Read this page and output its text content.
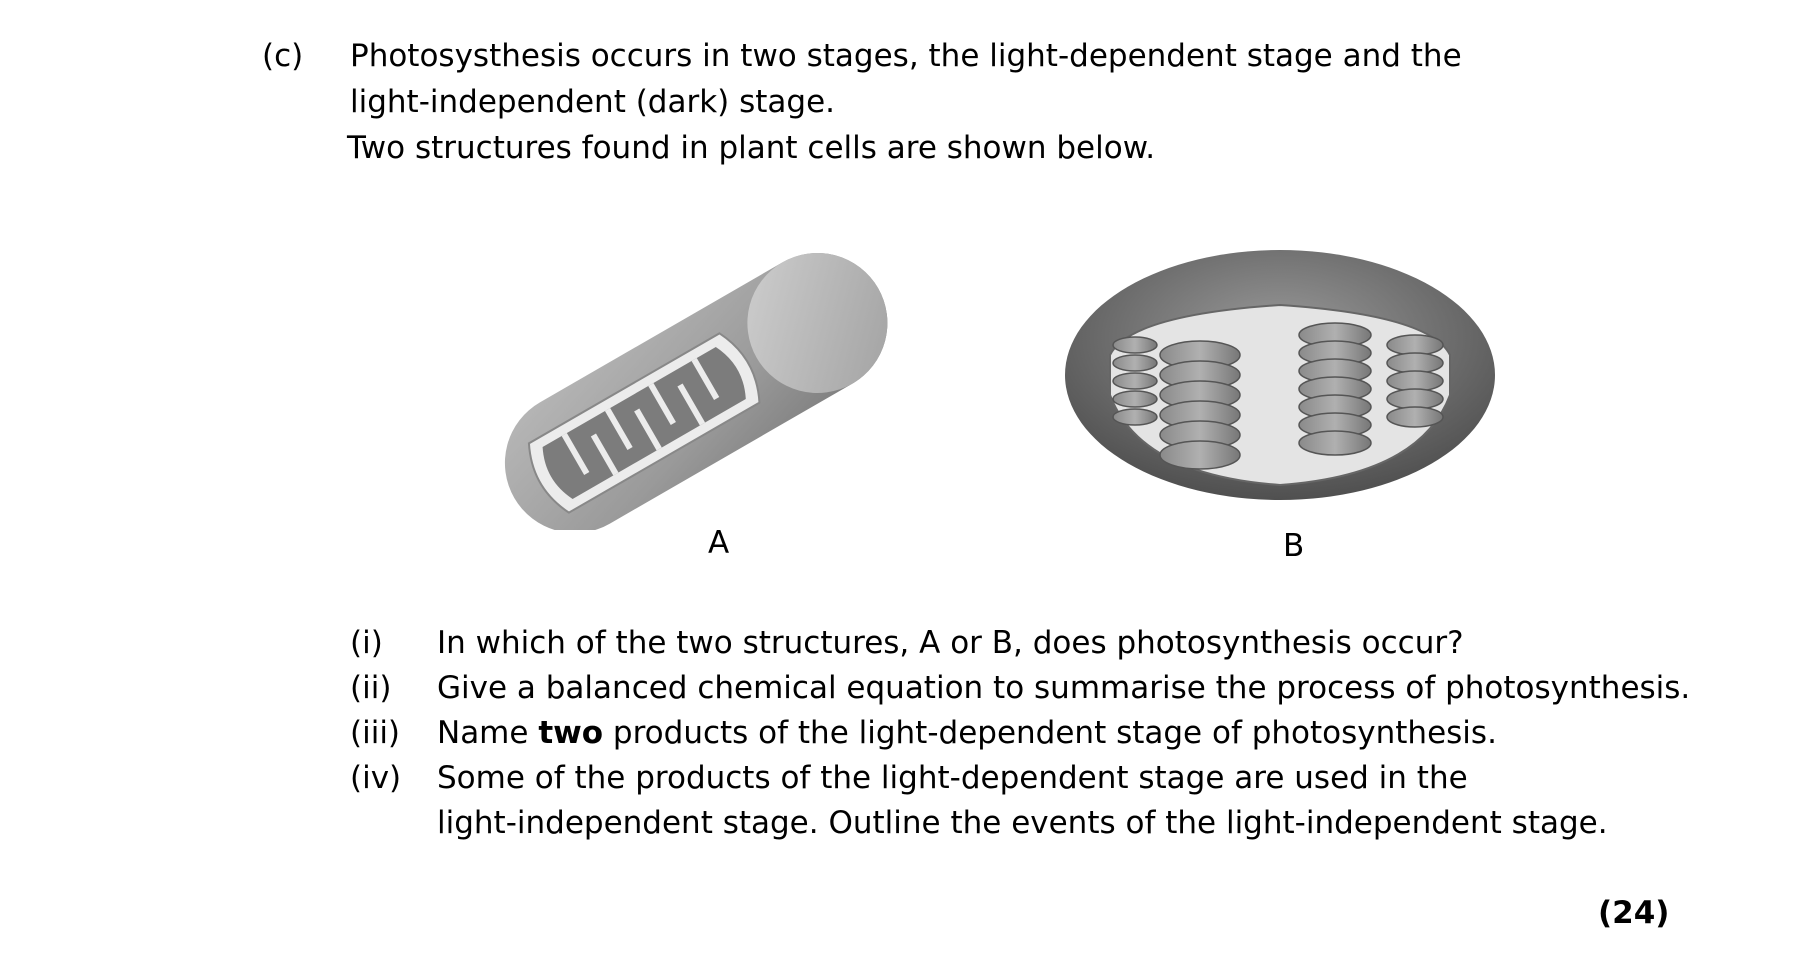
(c) Photosysthesis occurs in two stages, the light-dependent stage and the
light-independent (dark) stage.
Two structures found in plant cells are shown below.
A	B
(i) In which of the two structures, A or B, does photosynthesis occur?
(ii) Give a balanced chemical equation to summarise the process of photosynthesis.
(iii) Name two products of the light-dependent stage of photosynthesis.
(iv) Some of the products of the light-dependent stage are used in the
light-independent stage. Outline the events of the light-independent stage.
(24)
